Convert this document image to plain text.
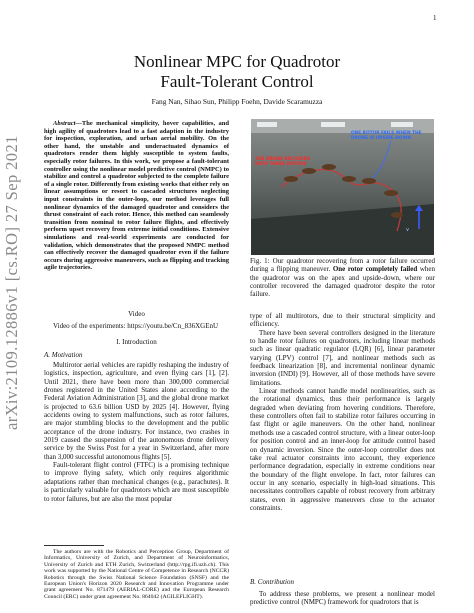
1
arXiv:2109.12886v1 [cs.RO] 27 Sep 2021
Nonlinear MPC for Quadrotor
Fault-Tolerant Control
Fang Nan, Sihao Sun, Philipp Foehn, Davide Scaramuzza

Abstract—The mechanical simplicity, hover capabilities, and high agility of quadrotors lead to a fast adaption in the industry for inspection, exploration, and urban aerial mobility. On the other hand, the unstable and underactuated dynamics of quadrotors render them highly susceptible to system faults, especially rotor failures. In this work, we propose a fault-tolerant controller using the nonlinear model predictive control (NMPC) to stabilize and control a quadrotor subjected to the complete failure of a single rotor. Differently from existing works that either rely on linear assumptions or resort to cascaded structures neglecting input constraints in the outer-loop, our method leverages full nonlinear dynamics of the damaged quadrotor and considers the thrust constraint of each rotor. Hence, this method can seamlessly transition from nominal to rotor failure flights, and effectively perform upset recovery from extreme initial conditions. Extensive simulations and real-world experiments are conducted for validation, which demonstrates that the proposed NMPC method can effectively recover the damaged quadrotor even if the failure occurs during aggressive maneuvers, such as flipping and tracking agile trajectories.

Video

Video of the experiments: https://youtu.be/Cn_836XGEnU

I. Introduction

A. Motivation

Multirotor aerial vehicles are rapidly reshaping the industry of logistics, inspection, agriculture, and even flying cars [1], [2]. Until 2021, there have been more than 300,000 commercial drones registered in the United States alone according to the Federal Aviation Administration [3], and the global drone market is projected to 63.6 billion USD by 2025 [4]. However, flying accidents owing to system malfunctions, such as rotor failures, are major stumbling blocks to the development and the public acceptance of the drone industry. For instance, two crashes in 2019 caused the suspension of the autonomous drone delivery service by the Swiss Post for a year in Switzerland, after more than 3,000 successful autonomous flights [5].

Fault-tolerant flight control (FTFC) is a promising technique to improve flying safety, which only requires algorithmic adaptations rather than mechanical changes (e.g., parachutes). It is particularly valuable for quadrotors which are most susceptible to rotor failures, but are also the most popular

The authors are with the Robotics and Perception Group, Department of Informatics, University of Zurich, and Department of Neuroinformatics, University of Zurich and ETH Zurich, Switzerland (http://rpg.ifi.uzh.ch). This work was supported by the National Centre of Competence in Research (NCCR) Robotics through the Swiss National Science Foundation (SNSF) and the European Union's Horizon 2020 Research and Innovation Programme under grant agreement No. 871479 (AERIAL-CORE) and the European Research Council (ERC) under grant agreement No. 864042 (AGILEFLIGHT).

v
ONE ROTOR FAILS WHEN THE DRONE IS UPSIDE-DOWN
THE DRONE RECOVERS WITH THREE ROTORS

Fig. 1: Our quadrotor recovering from a rotor failure occurred during a flipping maneuver. One rotor completely failed when the quadrotor was on the apex and upside-down, where our controller recovered the damaged quadrotor despite the rotor failure.

type of all multirotors, due to their structural simplicity and efficiency.

There have been several controllers designed in the literature to handle rotor failures on quadrotors, including linear methods such as linear quadratic regulator (LQR) [6], linear parameter varying (LPV) control [7], and nonlinear methods such as feedback linearization [8], and incremental nonlinear dynamic inversion (INDI) [9]. However, all of those methods have severe limitations.

Linear methods cannot handle model nonlinearities, such as the rotational dynamics, thus their performance is largely degraded when deviating from hovering conditions. Therefore, these controllers often fail to stabilize rotor failures occurring in fast flight or agile maneuvers. On the other hand, nonlinear methods use a cascaded control structure, with a linear outer-loop for position control and an inner-loop for attitude control based on dynamic inversion. Since the outer-loop controller does not take real actuator constraints into account, they experience performance degradation, especially in extreme conditions near the boundary of the flight envelope. In fact, rotor failures can occur in any scenario, especially in high-load situations. This necessitates controllers capable of robust recovery from arbitrary states, even in aggressive maneuvers close to the actuator constraints.

B. Contribution

To address these problems, we present a nonlinear model predictive control (NMPC) framework for quadrotors that is
